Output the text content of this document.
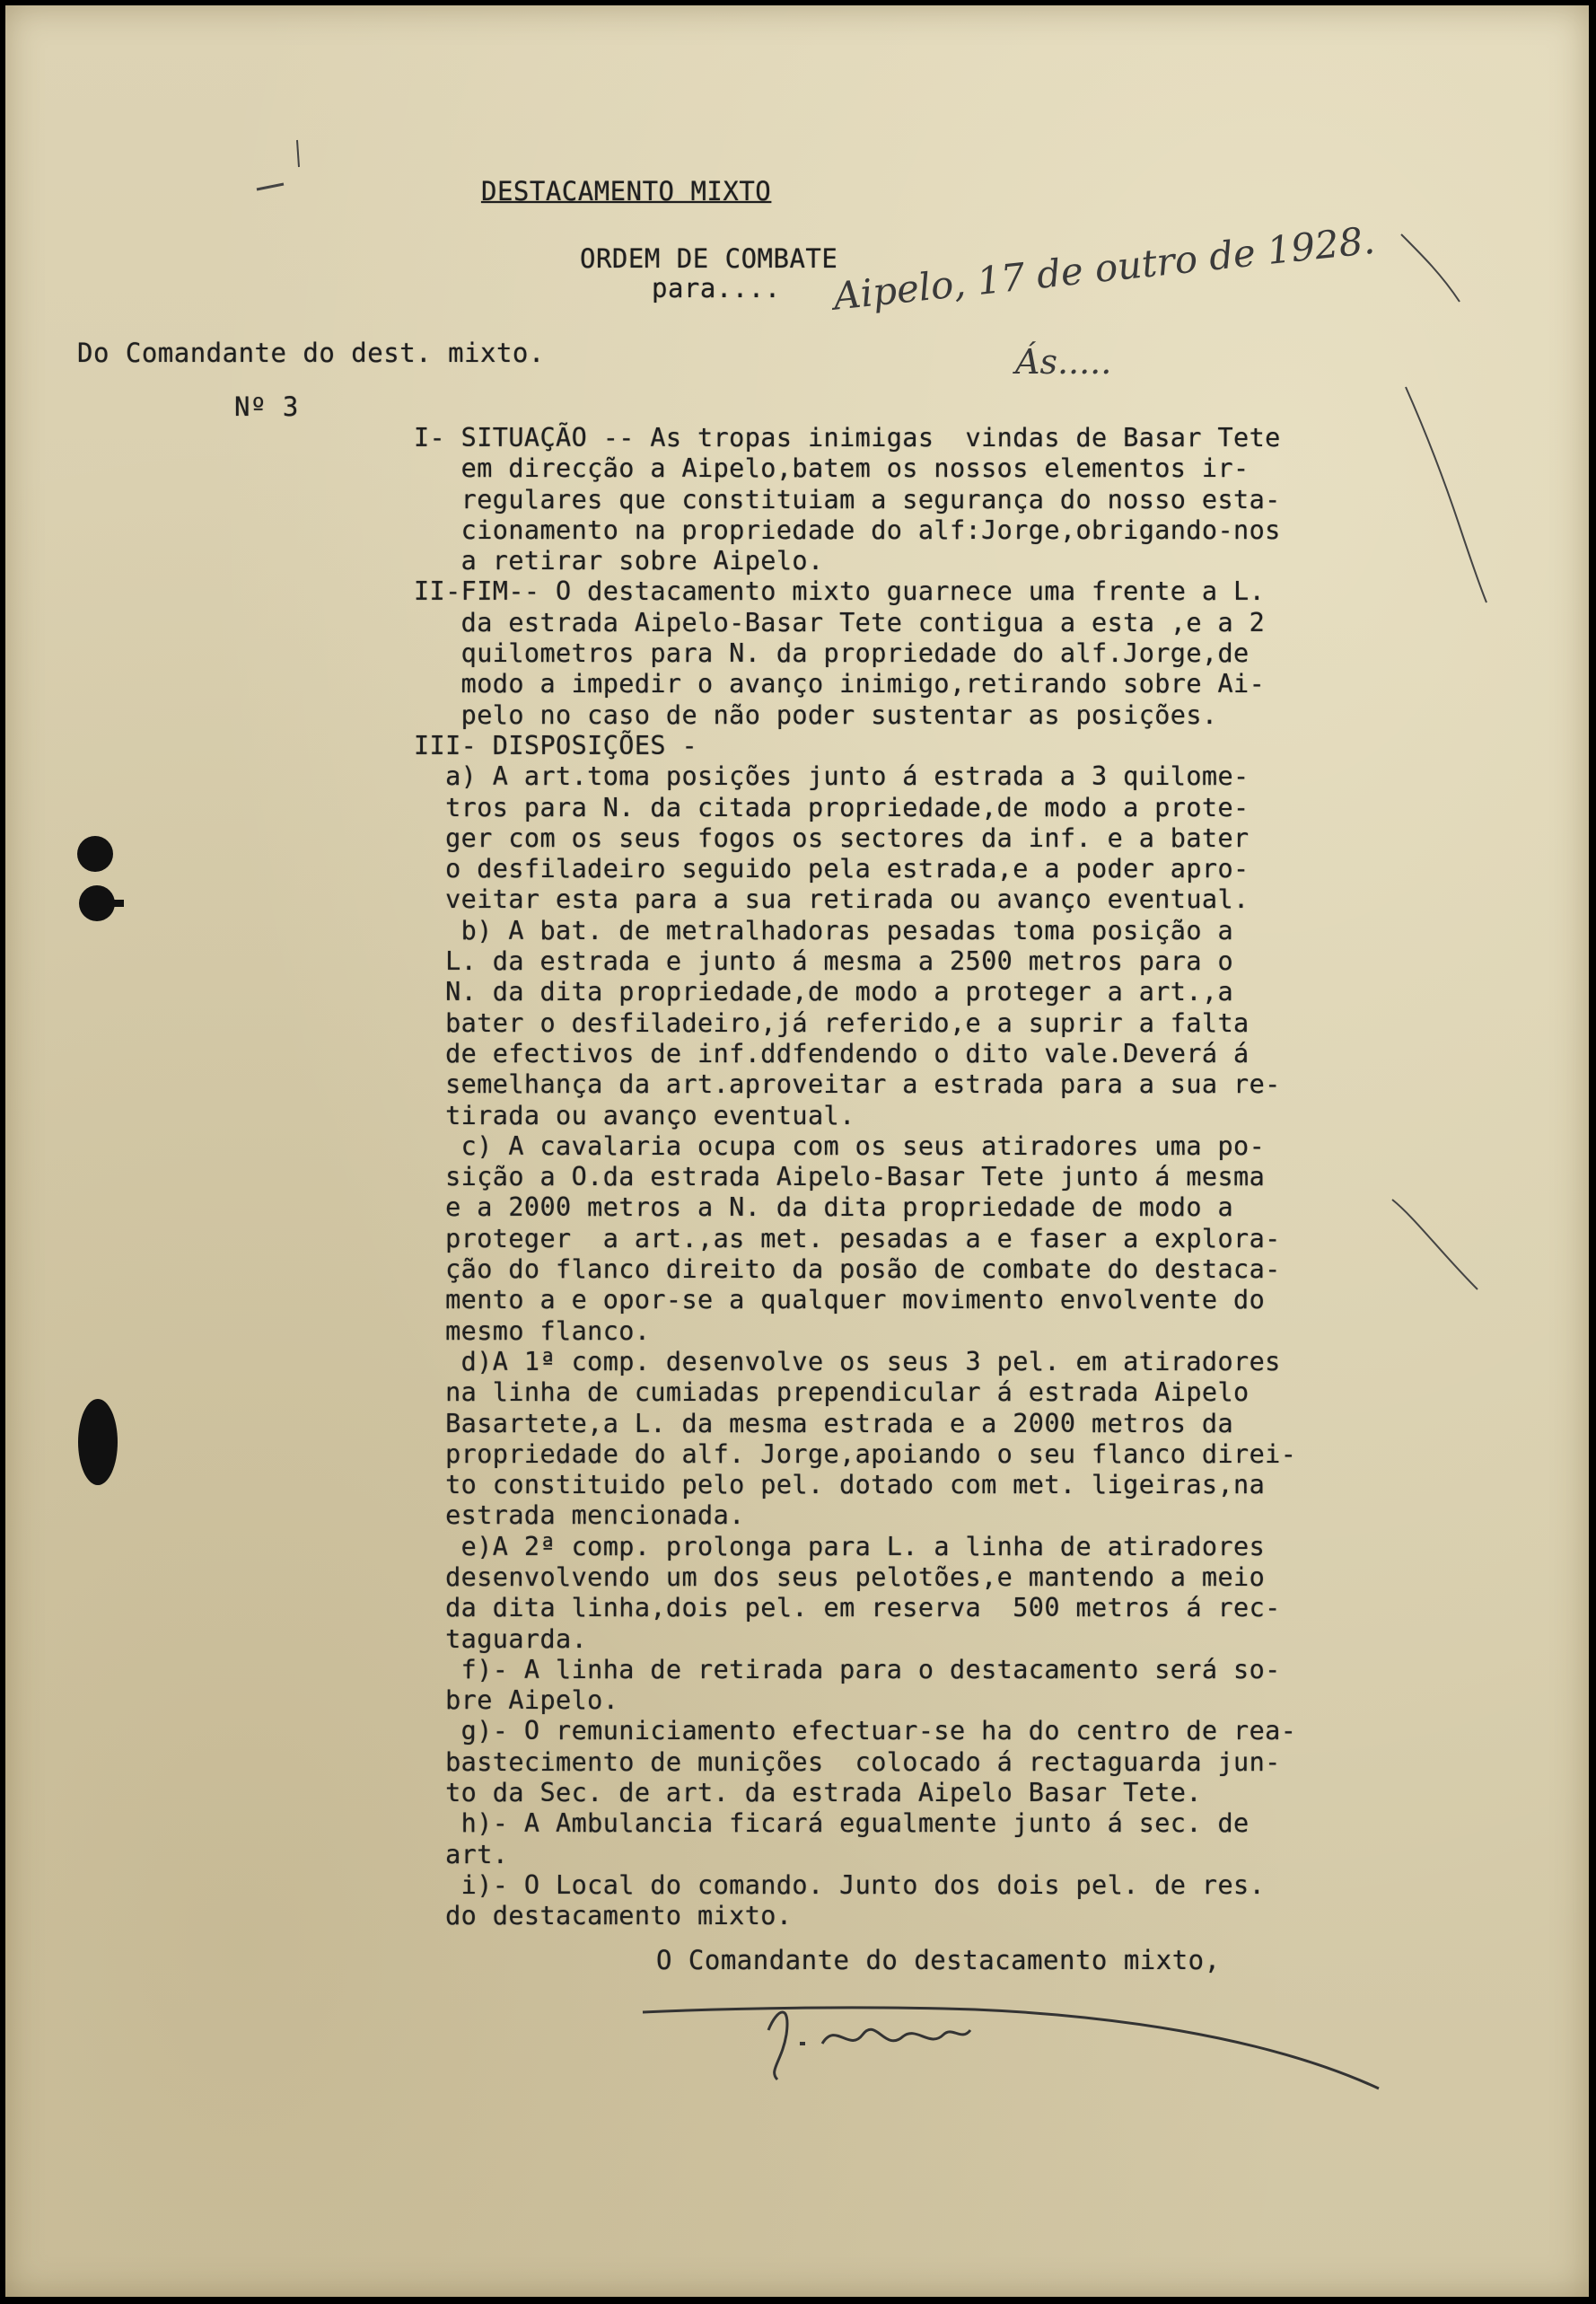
DESTACAMENTO MIXTO
ORDEM DE COMBATE
para.... Aipelo, 17 de outro de 1928.
Ás.....
Do Comandante do dest. mixto.
Nº 3
I- SITUAÇÃO -- As tropas inimigas  vindas de Basar Tete
em direcção a Aipelo,batem os nossos elementos ir-
regulares que constituiam a segurança do nosso esta-
cionamento na propriedade do alf:Jorge,obrigando-nos
a retirar sobre Aipelo.
II-FIM-- O destacamento mixto guarnece uma frente a L.
da estrada Aipelo-Basar Tete contigua a esta ,e a 2
quilometros para N. da propriedade do alf.Jorge,de
modo a impedir o avanço inimigo,retirando sobre Ai-
pelo no caso de não poder sustentar as posições.
III- DISPOSIÇÕES -
a) A art.toma posições junto á estrada a 3 quilome-
tros para N. da citada propriedade,de modo a prote-
ger com os seus fogos os sectores da inf. e a bater
o desfiladeiro seguido pela estrada,e a poder apro-
veitar esta para a sua retirada ou avanço eventual.
b) A bat. de metralhadoras pesadas toma posição a
L. da estrada e junto á mesma a 2500 metros para o
N. da dita propriedade,de modo a proteger a art.,a
bater o desfiladeiro,já referido,e a suprir a falta
de efectivos de inf.ddfendendo o dito vale.Deverá á
semelhança da art.aproveitar a estrada para a sua re-
tirada ou avanço eventual.
c) A cavalaria ocupa com os seus atiradores uma po-
sição a O.da estrada Aipelo-Basar Tete junto á mesma
e a 2000 metros a N. da dita propriedade de modo a
proteger  a art.,as met. pesadas a e faser a explora-
ção do flanco direito da posão de combate do destaca-
mento a e opor-se a qualquer movimento envolvente do
mesmo flanco.
d)A 1ª comp. desenvolve os seus 3 pel. em atiradores
na linha de cumiadas prependicular á estrada Aipelo
Basartete,a L. da mesma estrada e a 2000 metros da
propriedade do alf. Jorge,apoiando o seu flanco direi-
to constituido pelo pel. dotado com met. ligeiras,na
estrada mencionada.
e)A 2ª comp. prolonga para L. a linha de atiradores
desenvolvendo um dos seus pelotões,e mantendo a meio
da dita linha,dois pel. em reserva  500 metros á rec-
taguarda.
f)- A linha de retirada para o destacamento será so-
bre Aipelo.
g)- O remuniciamento efectuar-se ha do centro de rea-
bastecimento de munições  colocado á rectaguarda jun-
to da Sec. de art. da estrada Aipelo Basar Tete.
h)- A Ambulancia ficará egualmente junto á sec. de
art.
i)- O Local do comando. Junto dos dois pel. de res.
do destacamento mixto.
O Comandante do destacamento mixto,
